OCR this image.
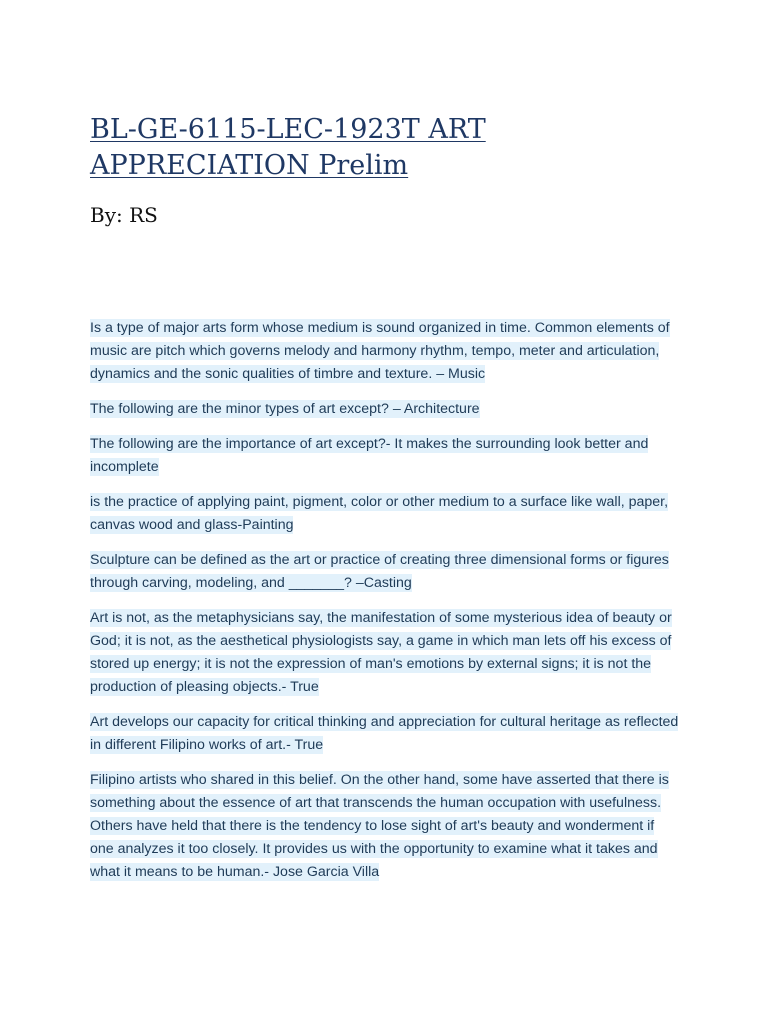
BL-GE-6115-LEC-1923T ART APPRECIATION Prelim

By: RS

Is a type of major arts form whose medium is sound organized in time. Common elements of music are pitch which governs melody and harmony rhythm, tempo, meter and articulation, dynamics and the sonic qualities of timbre and texture. – Music

The following are the minor types of art except? – Architecture

The following are the importance of art except?- It makes the surrounding look better and incomplete

is the practice of applying paint, pigment, color or other medium to a surface like wall, paper, canvas wood and glass-Painting

Sculpture can be defined as the art or practice of creating three dimensional forms or figures through carving, modeling, and _______? –Casting

Art is not, as the metaphysicians say, the manifestation of some mysterious idea of beauty or God; it is not, as the aesthetical physiologists say, a game in which man lets off his excess of stored up energy; it is not the expression of man's emotions by external signs; it is not the production of pleasing objects.- True

Art develops our capacity for critical thinking and appreciation for cultural heritage as reflected in different Filipino works of art.- True

Filipino artists who shared in this belief. On the other hand, some have asserted that there is something about the essence of art that transcends the human occupation with usefulness. Others have held that there is the tendency to lose sight of art's beauty and wonderment if one analyzes it too closely. It provides us with the opportunity to examine what it takes and what it means to be human.- Jose Garcia Villa
